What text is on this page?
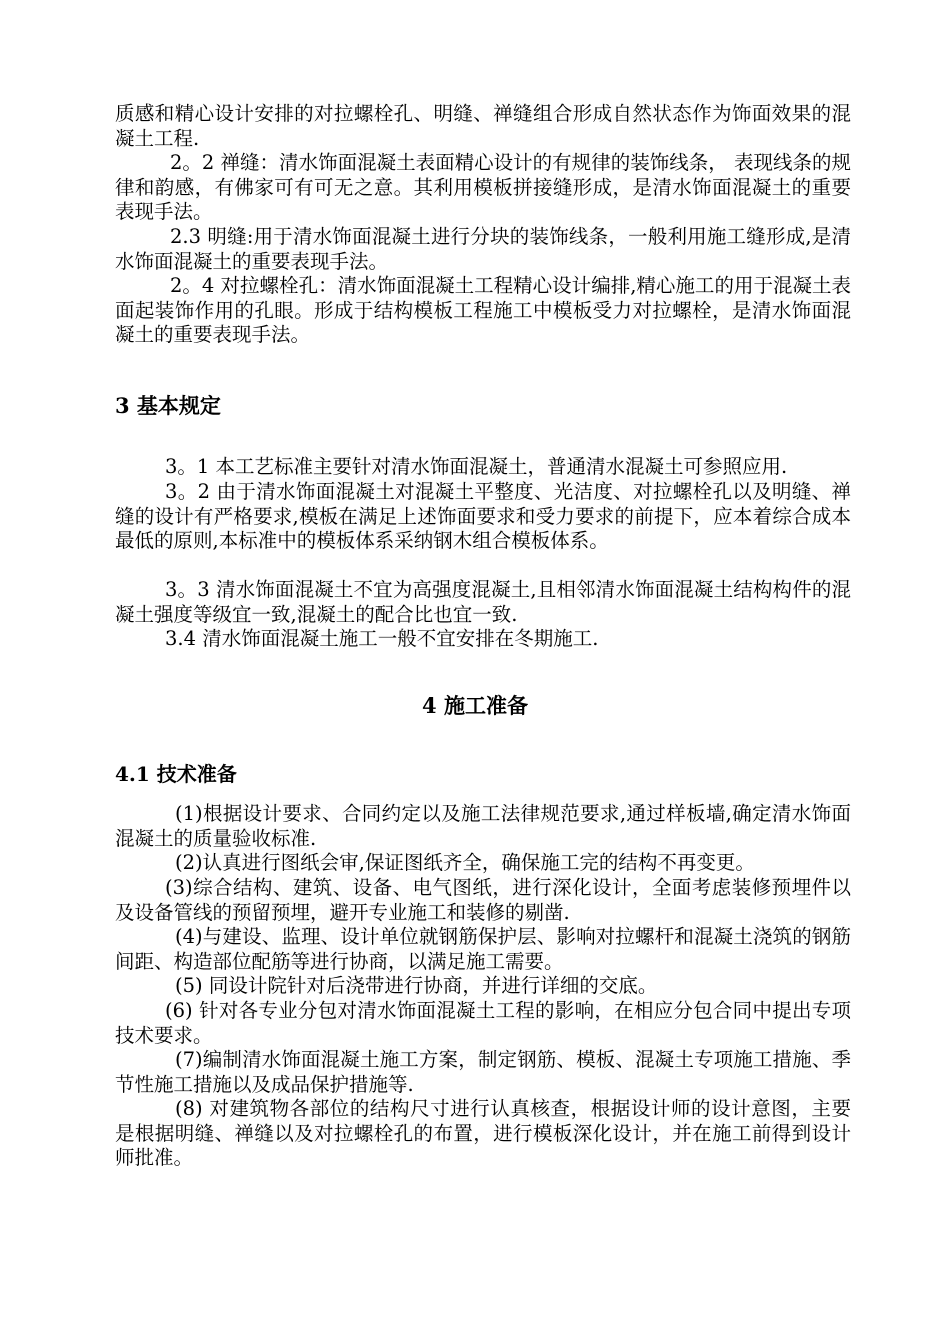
质感和精心设计安排的对拉螺栓孔、明缝、禅缝组合形成自然状态作为饰面效果的混凝土工程.

2。2 禅缝：清水饰面混凝土表面精心设计的有规律的装饰线条， 表现线条的规律和韵感，有佛家可有可无之意。其利用模板拼接缝形成，是清水饰面混凝土的重要表现手法。

2.3 明缝:用于清水饰面混凝土进行分块的装饰线条，一般利用施工缝形成,是清水饰面混凝土的重要表现手法。

2。4 对拉螺栓孔：清水饰面混凝土工程精心设计编排,精心施工的用于混凝土表面起装饰作用的孔眼。形成于结构模板工程施工中模板受力对拉螺栓，是清水饰面混凝土的重要表现手法。

3 基本规定

3。1 本工艺标准主要针对清水饰面混凝土，普通清水混凝土可参照应用.

3。2 由于清水饰面混凝土对混凝土平整度、光洁度、对拉螺栓孔以及明缝、禅缝的设计有严格要求,模板在满足上述饰面要求和受力要求的前提下，应本着综合成本最低的原则,本标准中的模板体系采纳钢木组合模板体系。

3。3 清水饰面混凝土不宜为高强度混凝土,且相邻清水饰面混凝土结构构件的混凝土强度等级宜一致,混凝土的配合比也宜一致.

3.4 清水饰面混凝土施工一般不宜安排在冬期施工.

4 施工准备
4.1 技术准备

(1)根据设计要求、合同约定以及施工法律规范要求,通过样板墙,确定清水饰面混凝土的质量验收标准.

(2)认真进行图纸会审,保证图纸齐全，确保施工完的结构不再变更。

(3)综合结构、建筑、设备、电气图纸，进行深化设计，全面考虑装修预埋件以及设备管线的预留预埋，避开专业施工和装修的剔凿.

(4)与建设、监理、设计单位就钢筋保护层、影响对拉螺杆和混凝土浇筑的钢筋间距、构造部位配筋等进行协商，以满足施工需要。

(5) 同设计院针对后浇带进行协商，并进行详细的交底。

(6) 针对各专业分包对清水饰面混凝土工程的影响，在相应分包合同中提出专项技术要求。

(7)编制清水饰面混凝土施工方案，制定钢筋、模板、混凝土专项施工措施、季节性施工措施以及成品保护措施等.

(8) 对建筑物各部位的结构尺寸进行认真核查，根据设计师的设计意图，主要是根据明缝、禅缝以及对拉螺栓孔的布置，进行模板深化设计，并在施工前得到设计师批准。
